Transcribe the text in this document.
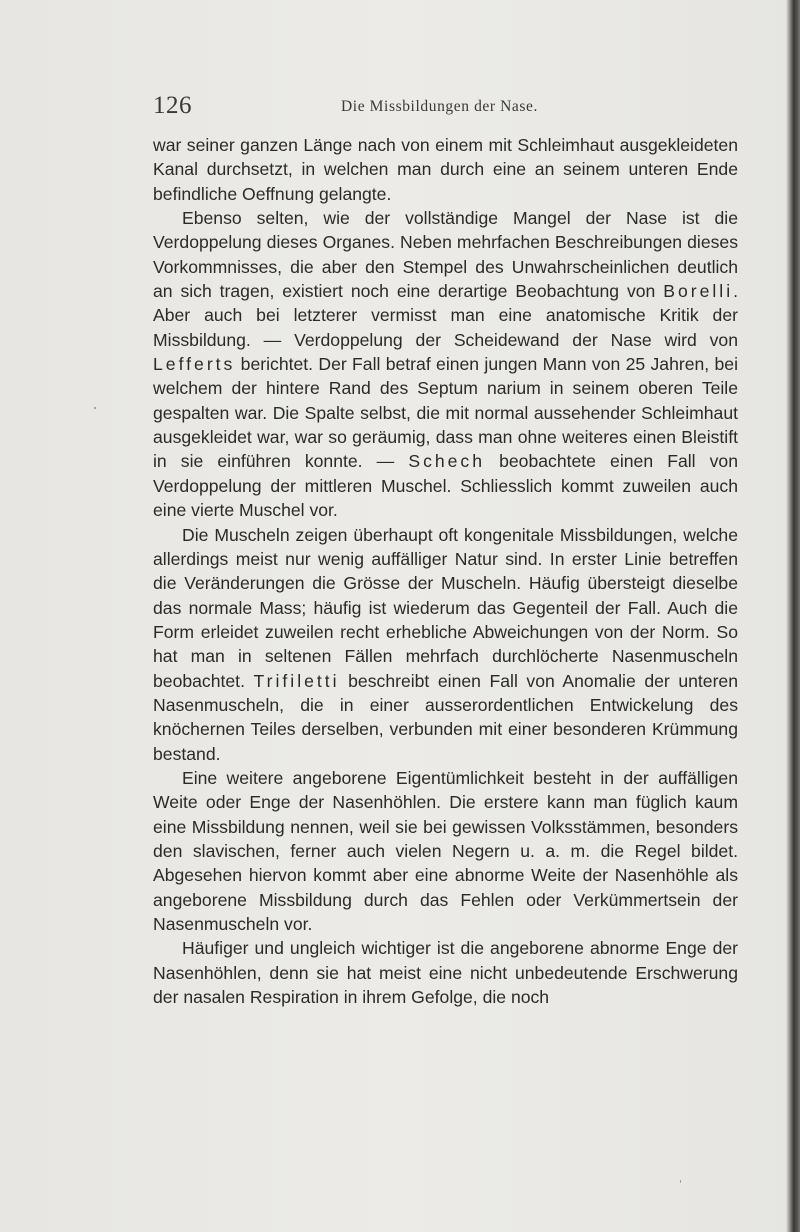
126	Die Missbildungen der Nase.

war seiner ganzen Länge nach von einem mit Schleimhaut ausgekleideten Kanal durchsetzt, in welchen man durch eine an seinem unteren Ende befindliche Oeffnung gelangte.

Ebenso selten, wie der vollständige Mangel der Nase ist die Verdoppelung dieses Organes. Neben mehrfachen Beschreibungen dieses Vorkommnisses, die aber den Stempel des Unwahrscheinlichen deutlich an sich tragen, existiert noch eine derartige Beobachtung von Borelli. Aber auch bei letzterer vermisst man eine anatomische Kritik der Missbildung. — Verdoppelung der Scheidewand der Nase wird von Lefferts berichtet. Der Fall betraf einen jungen Mann von 25 Jahren, bei welchem der hintere Rand des Septum narium in seinem oberen Teile gespalten war. Die Spalte selbst, die mit normal aussehender Schleimhaut ausgekleidet war, war so geräumig, dass man ohne weiteres einen Bleistift in sie einführen konnte. — Schech beobachtete einen Fall von Verdoppelung der mittleren Muschel. Schliesslich kommt zuweilen auch eine vierte Muschel vor.

Die Muscheln zeigen überhaupt oft kongenitale Missbildungen, welche allerdings meist nur wenig auffälliger Natur sind. In erster Linie betreffen die Veränderungen die Grösse der Muscheln. Häufig übersteigt dieselbe das normale Mass; häufig ist wiederum das Gegenteil der Fall. Auch die Form erleidet zuweilen recht erhebliche Abweichungen von der Norm. So hat man in seltenen Fällen mehrfach durchlöcherte Nasenmuscheln beobachtet. Trifiletti beschreibt einen Fall von Anomalie der unteren Nasenmuscheln, die in einer ausserordentlichen Entwickelung des knöchernen Teiles derselben, verbunden mit einer besonderen Krümmung bestand.

Eine weitere angeborene Eigentümlichkeit besteht in der auffälligen Weite oder Enge der Nasenhöhlen. Die erstere kann man füglich kaum eine Missbildung nennen, weil sie bei gewissen Volksstämmen, besonders den slavischen, ferner auch vielen Negern u. a. m. die Regel bildet. Abgesehen hiervon kommt aber eine abnorme Weite der Nasenhöhle als angeborene Missbildung durch das Fehlen oder Verkümmertsein der Nasenmuscheln vor.

Häufiger und ungleich wichtiger ist die angeborene abnorme Enge der Nasenhöhlen, denn sie hat meist eine nicht unbedeutende Erschwerung der nasalen Respiration in ihrem Gefolge, die noch
